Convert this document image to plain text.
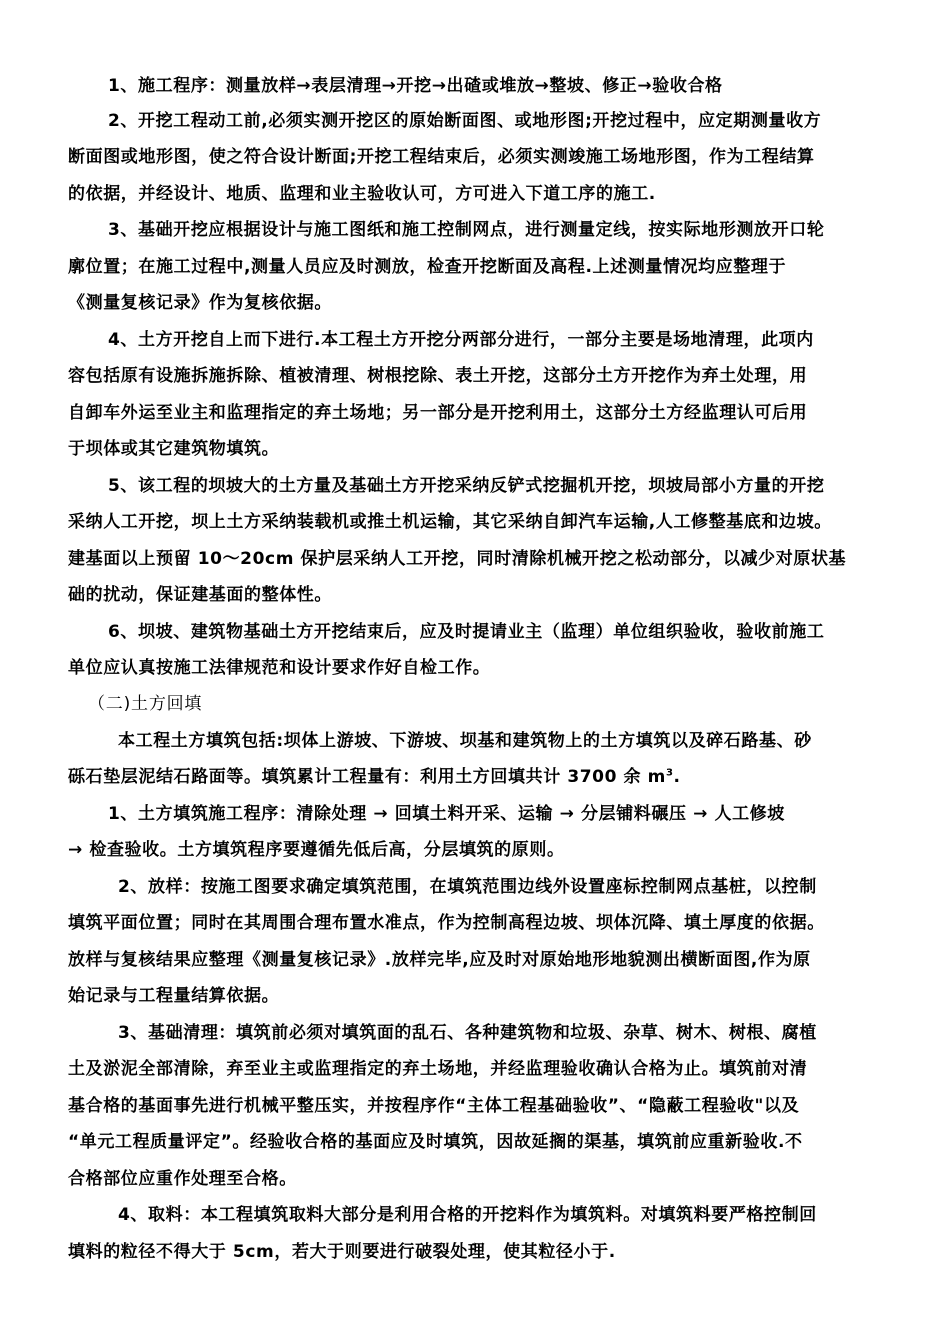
1、施工程序：测量放样→表层清理→开挖→出碴或堆放→整坡、修正→验收合格
2、开挖工程动工前,必须实测开挖区的原始断面图、或地形图;开挖过程中，应定期测量收方
断面图或地形图，使之符合设计断面;开挖工程结束后，必须实测竣施工场地形图，作为工程结算
的依据，并经设计、地质、监理和业主验收认可，方可进入下道工序的施工.
3、基础开挖应根据设计与施工图纸和施工控制网点，进行测量定线，按实际地形测放开口轮
廓位置；在施工过程中,测量人员应及时测放，检查开挖断面及高程.上述测量情况均应整理于
《测量复核记录》作为复核依据。
4、土方开挖自上而下进行.本工程土方开挖分两部分进行，一部分主要是场地清理，此项内
容包括原有设施拆施拆除、植被清理、树根挖除、表土开挖，这部分土方开挖作为弃土处理，用
自卸车外运至业主和监理指定的弃土场地；另一部分是开挖利用土，这部分土方经监理认可后用
于坝体或其它建筑物填筑。
5、该工程的坝坡大的土方量及基础土方开挖采纳反铲式挖掘机开挖，坝坡局部小方量的开挖
采纳人工开挖，坝上土方采纳装载机或推土机运输，其它采纳自卸汽车运输,人工修整基底和边坡。
建基面以上预留 10～20cm 保护层采纳人工开挖，同时清除机械开挖之松动部分，以减少对原状基
础的扰动，保证建基面的整体性。
6、坝坡、建筑物基础土方开挖结束后，应及时提请业主（监理）单位组织验收，验收前施工
单位应认真按施工法律规范和设计要求作好自检工作。
（二)土方回填
本工程土方填筑包括:坝体上游坡、下游坡、坝基和建筑物上的土方填筑以及碎石路基、砂
砾石垫层泥结石路面等。填筑累计工程量有：利用土方回填共计 3700 余 $m^3$.
1、土方填筑施工程序：清除处理 → 回填土料开采、运输 → 分层铺料碾压 → 人工修坡
→ 检查验收。土方填筑程序要遵循先低后高，分层填筑的原则。
2、放样：按施工图要求确定填筑范围，在填筑范围边线外设置座标控制网点基桩，以控制
填筑平面位置；同时在其周围合理布置水准点，作为控制高程边坡、坝体沉降、填土厚度的依据。
放样与复核结果应整理《测量复核记录》.放样完毕,应及时对原始地形地貌测出横断面图,作为原
始记录与工程量结算依据。
3、基础清理：填筑前必须对填筑面的乱石、各种建筑物和垃圾、杂草、树木、树根、腐植
土及淤泥全部清除，弃至业主或监理指定的弃土场地，并经监理验收确认合格为止。填筑前对清
基合格的基面事先进行机械平整压实，并按程序作“主体工程基础验收”、“隐蔽工程验收"以及
“单元工程质量评定”。经验收合格的基面应及时填筑，因故延搁的渠基，填筑前应重新验收.不
合格部位应重作处理至合格。
4、取料：本工程填筑取料大部分是利用合格的开挖料作为填筑料。对填筑料要严格控制回
填料的粒径不得大于 5cm，若大于则要进行破裂处理，使其粒径小于.
